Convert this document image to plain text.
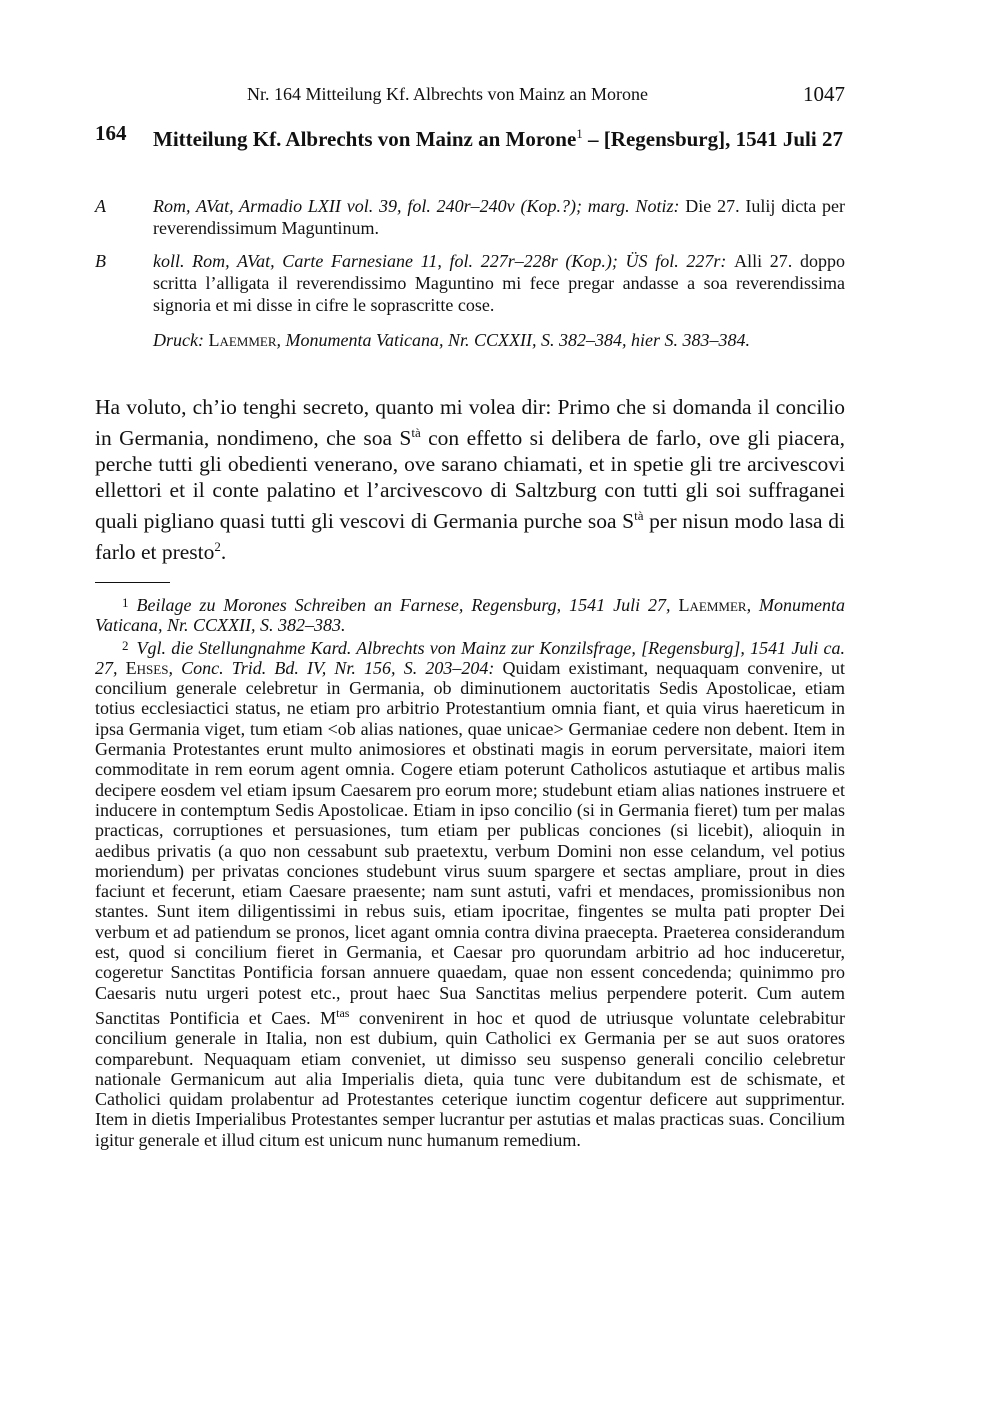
Nr. 164 Mitteilung Kf. Albrechts von Mainz an Morone	1047
164 Mitteilung Kf. Albrechts von Mainz an Morone$^1$ – [Regensburg], 1541 Juli 27
A	Rom, AVat, Armadio LXII vol. 39, fol. 240r–240v (Kop.?); marg. Notiz: Die 27. Iulij dicta per reverendissimum Maguntinum.
B	koll. Rom, AVat, Carte Farnesiane 11, fol. 227r–228r (Kop.); ÜS fol. 227r: Alli 27. doppo scritta l’alligata il reverendissimo Maguntino mi fece pregar andasse a soa reverendissima signoria et mi disse in cifre le soprascritte cose.
Druck: Laemmer, Monumenta Vaticana, Nr. CCXXII, S. 382–384, hier S. 383–384.

Ha voluto, ch’io tenghi secreto, quanto mi volea dir: Primo che si domanda il concilio in Germania, nondimeno, che soa $S^{tà}$ con effetto si delibera de farlo, ove gli piacera, perche tutti gli obedienti venerano, ove sarano chiamati, et in spetie gli tre arcivescovi ellettori et il conte palatino et l’arcivescovo di Saltzburg con tutti gli soi suffraganei quali pigliano quasi tutti gli vescovi di Germania purche soa $S^{tà}$ per nisun modo lasa di farlo et presto$^2$.

$^1$ Beilage zu Morones Schreiben an Farnese, Regensburg, 1541 Juli 27, Laemmer, Monumenta Vaticana, Nr. CCXXII, S. 382–383.

$^2$ Vgl. die Stellungnahme Kard. Albrechts von Mainz zur Konzilsfrage, [Regensburg], 1541 Juli ca. 27, Ehses, Conc. Trid. Bd. IV, Nr. 156, S. 203–204: Quidam existimant, nequaquam convenire, ut concilium generale celebretur in Germania, ob diminutionem auctoritatis Sedis Apostolicae, etiam totius ecclesiactici status, ne etiam pro arbitrio Protestantium omnia fiant, et quia virus haereticum in ipsa Germania viget, tum etiam <ob alias nationes, quae unicae> Germaniae cedere non debent. Item in Germania Protestantes erunt multo animosiores et obstinati magis in eorum perversitate, maiori item commoditate in rem eorum agent omnia. Cogere etiam poterunt Catholicos astutiaque et artibus malis decipere eosdem vel etiam ipsum Caesarem pro eorum more; studebunt etiam alias nationes instruere et inducere in contemptum Sedis Apostolicae. Etiam in ipso concilio (si in Germania fieret) tum per malas practicas, corruptiones et persuasiones, tum etiam per publicas conciones (si licebit), alioquin in aedibus privatis (a quo non cessabunt sub praetextu, verbum Domini non esse celandum, vel potius moriendum) per privatas conciones studebunt virus suum spargere et sectas ampliare, prout in dies faciunt et fecerunt, etiam Caesare praesente; nam sunt astuti, vafri et mendaces, promissionibus non stantes. Sunt item diligentissimi in rebus suis, etiam ipocritae, fingentes se multa pati propter Dei verbum et ad patiendum se pronos, licet agant omnia contra divina praecepta. Praeterea considerandum est, quod si concilium fieret in Germania, et Caesar pro quorundam arbitrio ad hoc induceretur, cogeretur Sanctitas Pontificia forsan annuere quaedam, quae non essent concedenda; quinimmo pro Caesaris nutu urgeri potest etc., prout haec Sua Sanctitas melius perpendere poterit. Cum autem Sanctitas Pontificia et Caes. $M^{tas}$ convenirent in hoc et quod de utriusque voluntate celebrabitur concilium generale in Italia, non est dubium, quin Catholici ex Germania per se aut suos oratores comparebunt. Nequaquam etiam conveniet, ut dimisso seu suspenso generali concilio celebretur nationale Germanicum aut alia Imperialis dieta, quia tunc vere dubitandum est de schismate, et Catholici quidam prolabentur ad Protestantes ceterique iunctim cogentur deficere aut supprimentur. Item in dietis Imperialibus Protestantes semper lucrantur per astutias et malas practicas suas. Concilium igitur generale et illud citum est unicum nunc humanum remedium.
